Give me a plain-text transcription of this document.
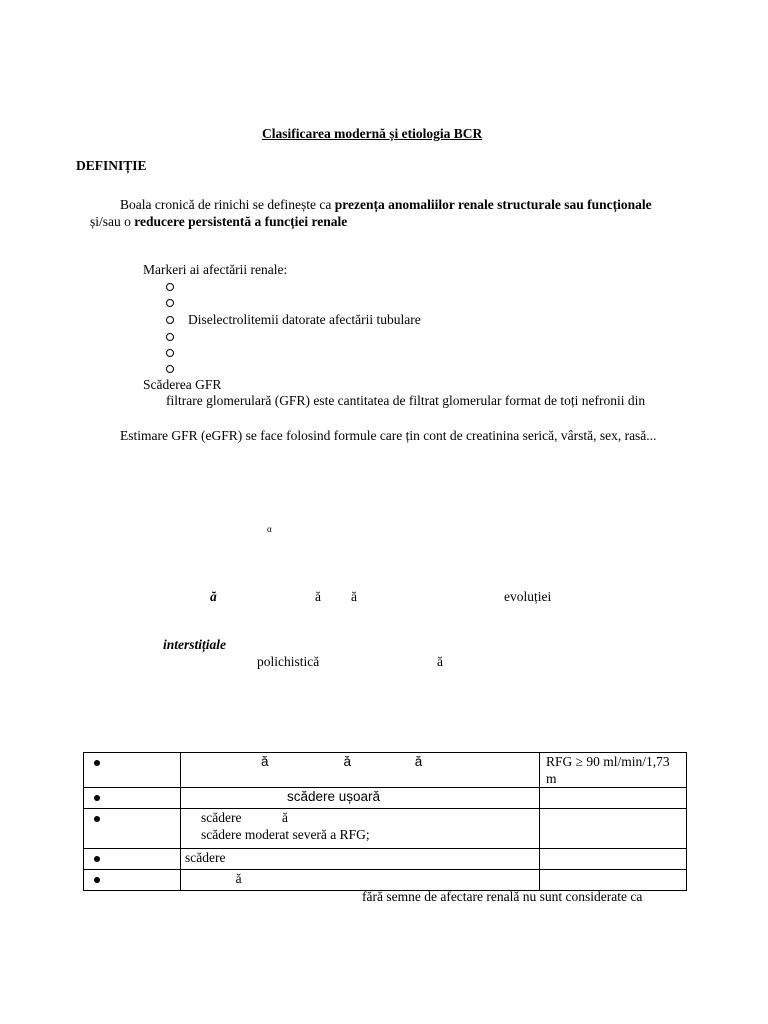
Clasificarea modernă și etiologia BCR
DEFINIȚIE
Boala cronică de rinichi se definește ca prezența anomaliilor renale structurale sau funcționale
și/sau o reducere persistentă a funcției renale
Markeri ai afectării renale:
Diselectrolitemii datorate afectării tubulare
Scăderea GFR
filtrare glomerulară (GFR) este cantitatea de filtrat glomerular format de toți nefronii din
Estimare GFR (eGFR) se face folosind formule care țin cont de creatinina serică, vârstă, sex, rasă...
α
ă	ă ă	evoluției
interstițiale
polichistică	ă
	ă                    ă                 ă	RFG ≥ 90 ml/min/1,73 m
	scădere ușoară	

	scădere            ă
scădere moderat severă a RFG;	

	scădere	
	ă	
fără semne de afectare renală nu sunt considerate ca
